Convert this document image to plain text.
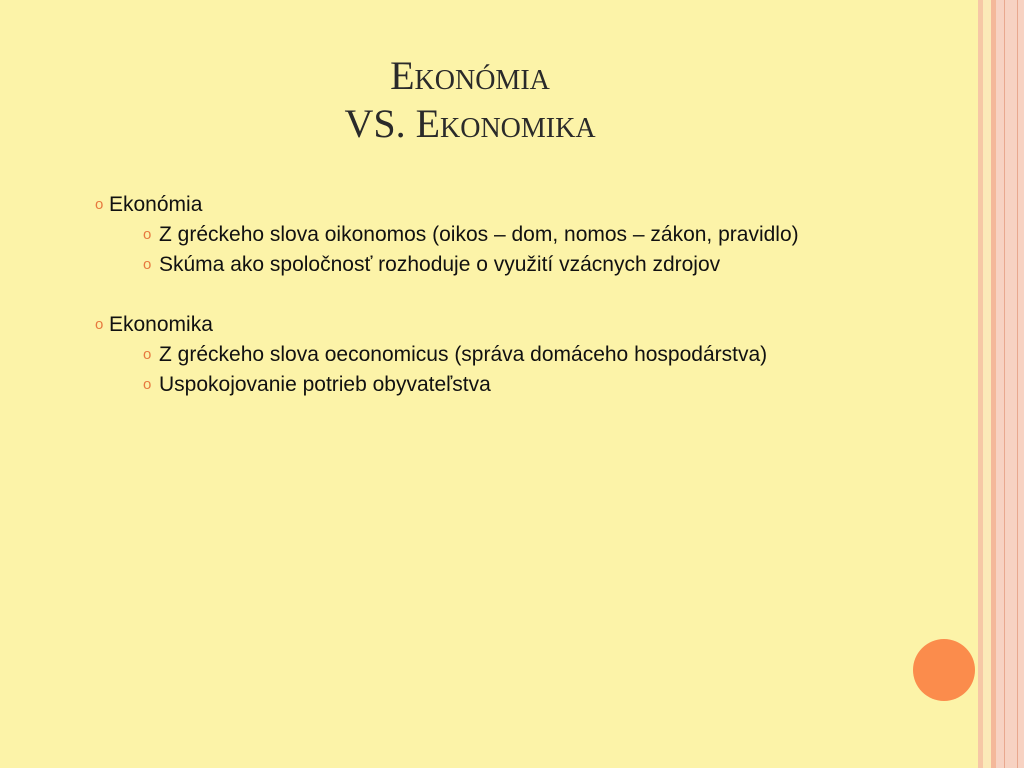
Ekonómia
VS. Ekonomika

o Ekonómia

o Z gréckeho slova oikonomos (oikos – dom, nomos – zákon, pravidlo)

o Skúma ako spoločnosť rozhoduje o využití vzácnych zdrojov

o Ekonomika

o Z gréckeho slova oeconomicus (správa domáceho hospodárstva)

o Uspokojovanie potrieb obyvateľstva
